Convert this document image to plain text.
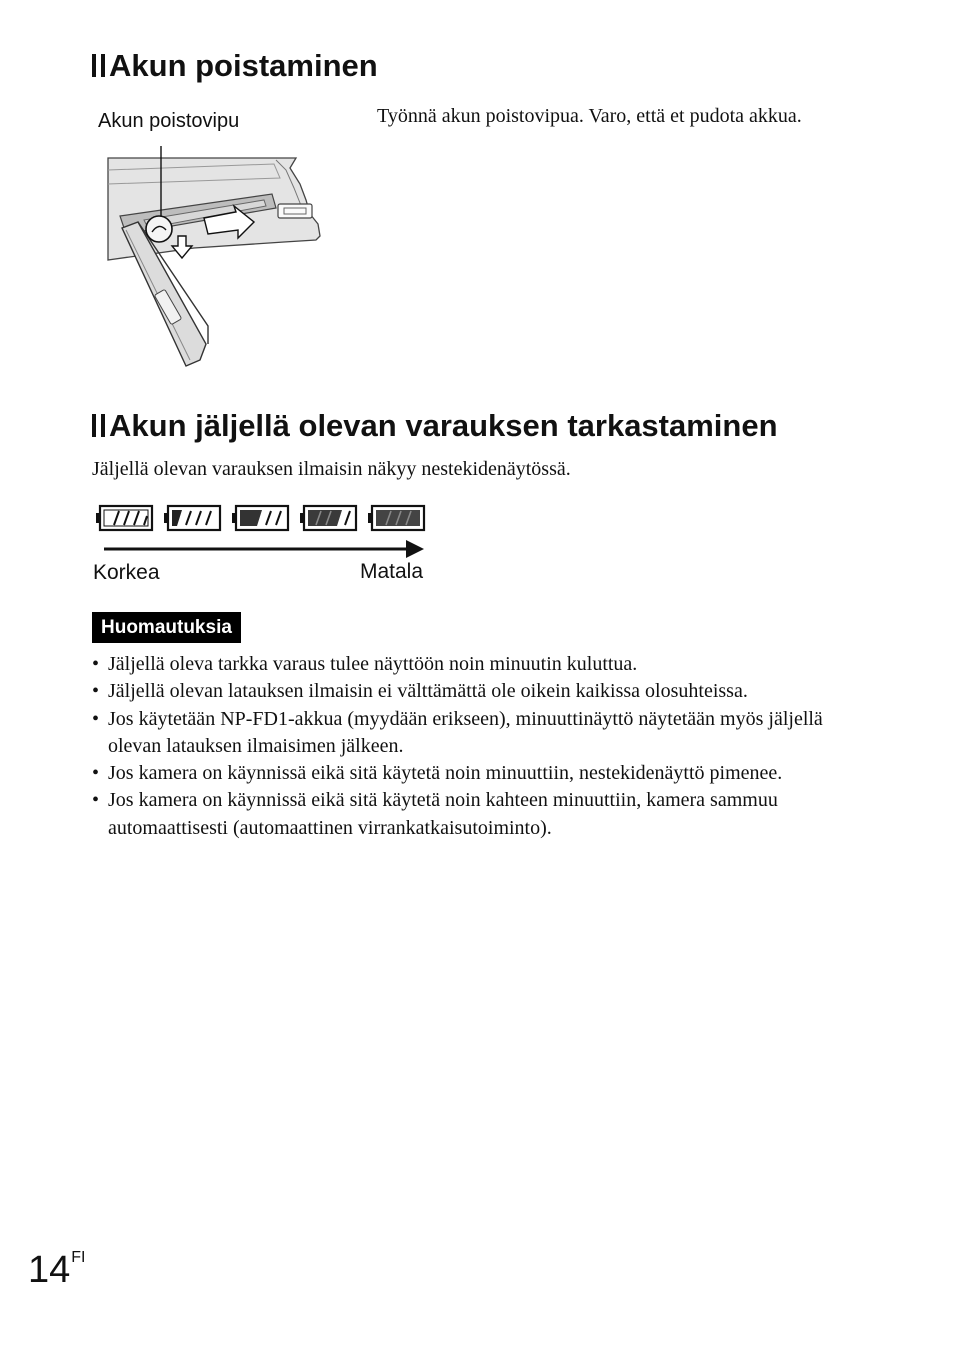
Akun poistaminen
Akun poistovipu	Työnnä akun poistovipua. Varo, että et pudota akkua.

Akun jäljellä olevan varauksen tarkastaminen

Jäljellä olevan varauksen ilmaisin näkyy nestekidenäytössä.

Korkea	Matala
Huomautuksia
• Jäljellä oleva tarkka varaus tulee näyttöön noin minuutin kuluttua.
• Jäljellä olevan latauksen ilmaisin ei välttämättä ole oikein kaikissa olosuhteissa.
• Jos käytetään NP-FD1-akkua (myydään erikseen), minuuttinäyttö näytetään myös jäljellä olevan latauksen ilmaisimen jälkeen.
• Jos kamera on käynnissä eikä sitä käytetä noin minuuttiin, nestekidenäyttö pimenee.
• Jos kamera on käynnissä eikä sitä käytetä noin kahteen minuuttiin, kamera sammuu automaattisesti (automaattinen virrankatkaisutoiminto).
$14^{FI}$
